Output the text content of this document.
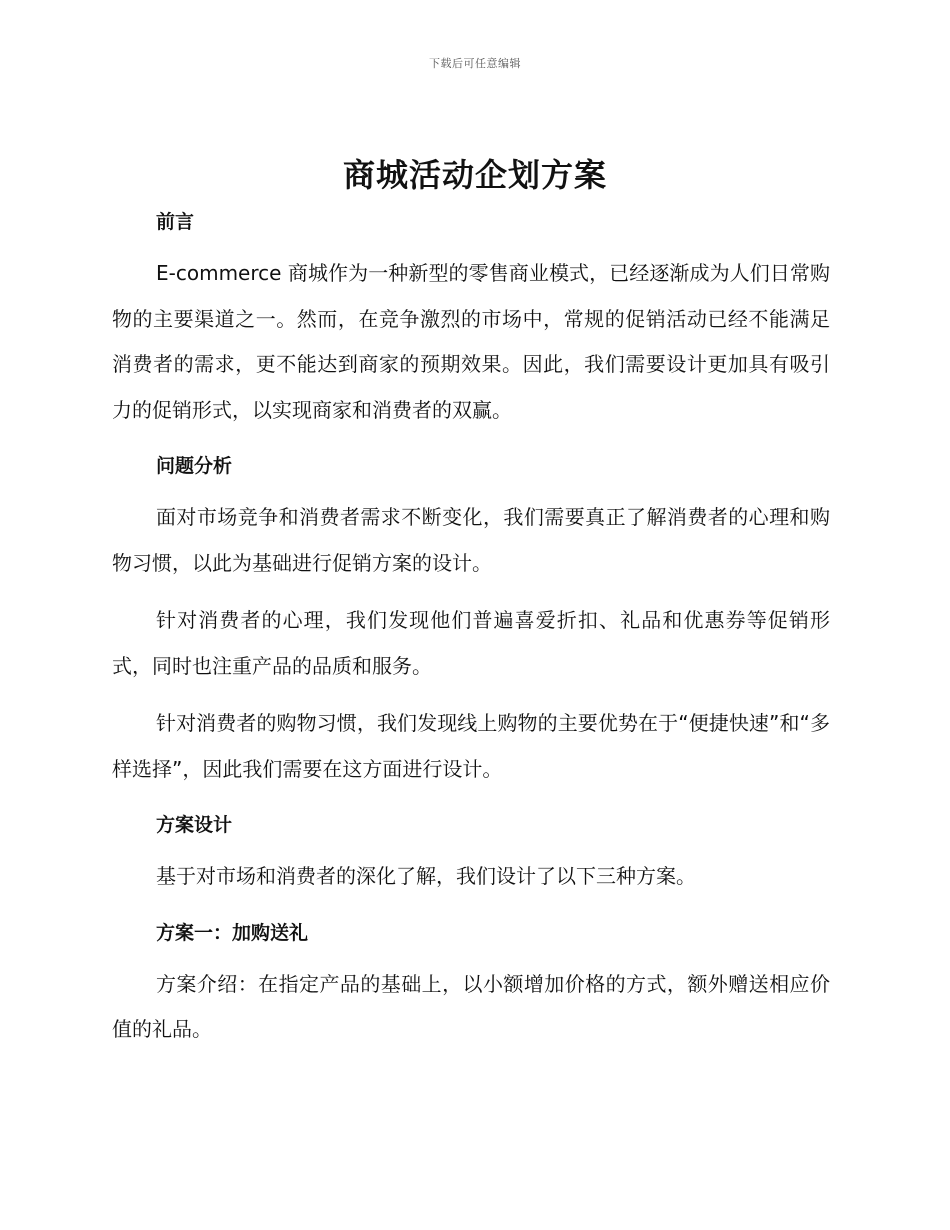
下载后可任意编辑
商城活动企划方案
前言

E-commerce 商城作为一种新型的零售商业模式，已经逐渐成为人们日常购物的主要渠道之一。然而，在竞争激烈的市场中，常规的促销活动已经不能满足消费者的需求，更不能达到商家的预期效果。因此，我们需要设计更加具有吸引力的促销形式，以实现商家和消费者的双赢。

问题分析

面对市场竞争和消费者需求不断变化，我们需要真正了解消费者的心理和购物习惯，以此为基础进行促销方案的设计。

针对消费者的心理，我们发现他们普遍喜爱折扣、礼品和优惠券等促销形式，同时也注重产品的品质和服务。

针对消费者的购物习惯，我们发现线上购物的主要优势在于“便捷快速”和“多样选择”，因此我们需要在这方面进行设计。

方案设计

基于对市场和消费者的深化了解，我们设计了以下三种方案。

方案一：加购送礼

方案介绍：在指定产品的基础上，以小额增加价格的方式，额外赠送相应价值的礼品。
